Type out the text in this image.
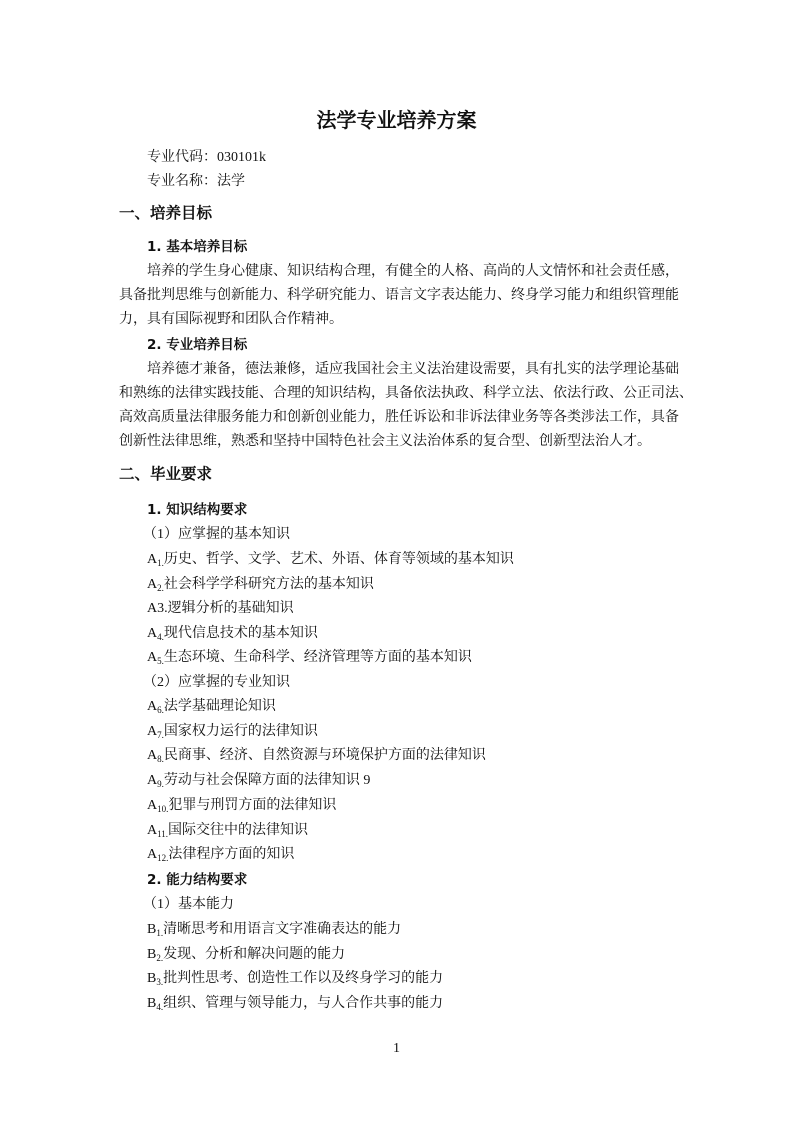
法学专业培养方案
专业代码：030101k
专业名称：法学
一、培养目标
1. 基本培养目标
　　培养的学生身心健康、知识结构合理，有健全的人格、高尚的人文情怀和社会责任感，
具备批判思维与创新能力、科学研究能力、语言文字表达能力、终身学习能力和组织管理能
力，具有国际视野和团队合作精神。
2. 专业培养目标
　　培养德才兼备，德法兼修，适应我国社会主义法治建设需要，具有扎实的法学理论基础
和熟练的法律实践技能、合理的知识结构，具备依法执政、科学立法、依法行政、公正司法、
高效高质量法律服务能力和创新创业能力，胜任诉讼和非诉法律业务等各类涉法工作，具备
创新性法律思维，熟悉和坚持中国特色社会主义法治体系的复合型、创新型法治人才。
二、毕业要求
1. 知识结构要求
（1）应掌握的基本知识
$A_{1.}$历史、哲学、文学、艺术、外语、体育等领域的基本知识
$A_{2.}$社会科学学科研究方法的基本知识
A3.逻辑分析的基础知识
$A_{4.}$现代信息技术的基本知识
$A_{5.}$生态环境、生命科学、经济管理等方面的基本知识
（2）应掌握的专业知识
$A_{6.}$法学基础理论知识
$A_{7.}$国家权力运行的法律知识
$A_{8.}$民商事、经济、自然资源与环境保护方面的法律知识
$A_{9.}$劳动与社会保障方面的法律知识 9
$A_{10.}$犯罪与刑罚方面的法律知识
$A_{11.}$国际交往中的法律知识
$A_{12.}$法律程序方面的知识
2. 能力结构要求
（1）基本能力
$B_{1.}$清晰思考和用语言文字准确表达的能力
$B_{2.}$发现、分析和解决问题的能力
$B_{3.}$批判性思考、创造性工作以及终身学习的能力
$B_{4.}$组织、管理与领导能力，与人合作共事的能力
1
